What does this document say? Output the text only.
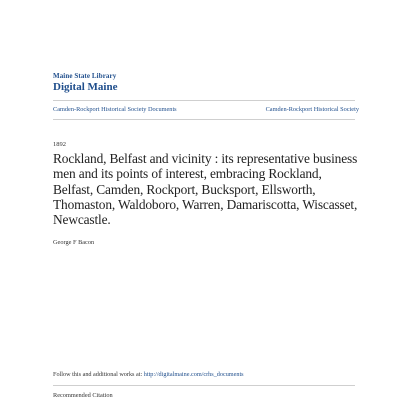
Maine State Library
Digital Maine
Camden-Rockport Historical Society Documents	Camden-Rockport Historical Society
1892
Rockland, Belfast and vicinity : its representative business men and its points of interest, embracing Rockland, Belfast, Camden, Rockport, Bucksport, Ellsworth, Thomaston, Waldoboro, Warren, Damariscotta, Wiscasset, Newcastle.
George F Bacon
Follow this and additional works at: http://digitalmaine.com/crhs_documents
Recommended Citation
